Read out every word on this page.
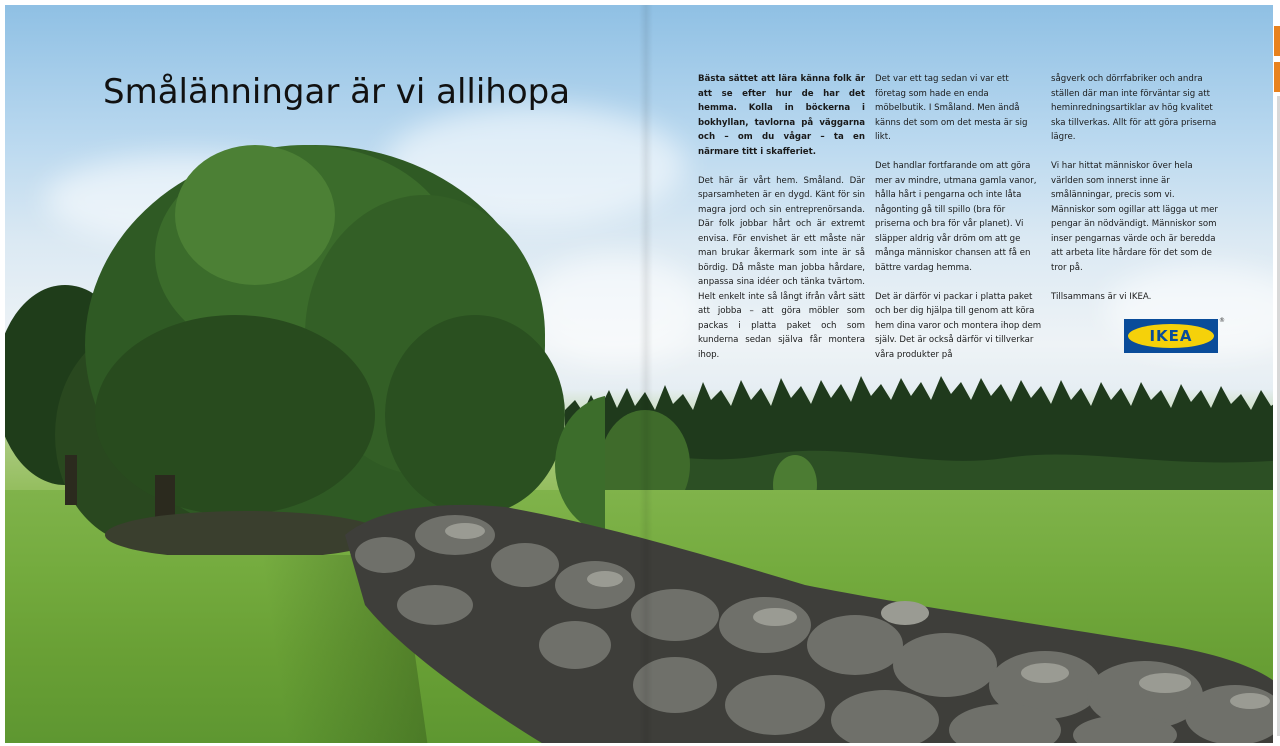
Smålänningar är vi allihopa	Bästa sättet att lära känna folk är att se efter hur de har det hemma. Kolla in böckerna i bokhyllan, tavlorna på väggarna och – om du vågar – ta en närmare titt i skafferiet.

Det här är vårt hem. Småland. Där sparsamheten är en dygd. Känt för sin magra jord och sin entreprenörsanda. Där folk jobbar hårt och är extremt envisa. För envishet är ett måste när man brukar åkermark som inte är så bördig. Då måste man jobba hårdare, anpassa sina idéer och tänka tvärtom. Helt enkelt inte så långt ifrån vårt sätt att jobba – att göra möbler som packas i platta paket och som kunderna sedan själva får montera ihop.

Det var ett tag sedan vi var ett företag som hade en enda möbelbutik. I Småland. Men ändå känns det som om det mesta är sig likt.

Det handlar fortfarande om att göra mer av mindre, utmana gamla vanor, hålla hårt i pengarna och inte låta någonting gå till spillo (bra för priserna och bra för vår planet). Vi släpper aldrig vår dröm om att ge många människor chansen att få en bättre vardag hemma.

Det är därför vi packar i platta paket och ber dig hjälpa till genom att köra hem dina varor och montera ihop dem själv. Det är också därför vi tillverkar våra produkter på

sågverk och dörrfabriker och andra ställen där man inte förväntar sig att heminredningsartiklar av hög kvalitet ska tillverkas. Allt för att göra priserna lägre.

Vi har hittat människor över hela världen som innerst inne är smålänningar, precis som vi. Människor som ogillar att lägga ut mer pengar än nödvändigt. Människor som inser pengarnas värde och är beredda att arbeta lite hårdare för det som de tror på.

Tillsammans är vi IKEA.

IKEA
®
